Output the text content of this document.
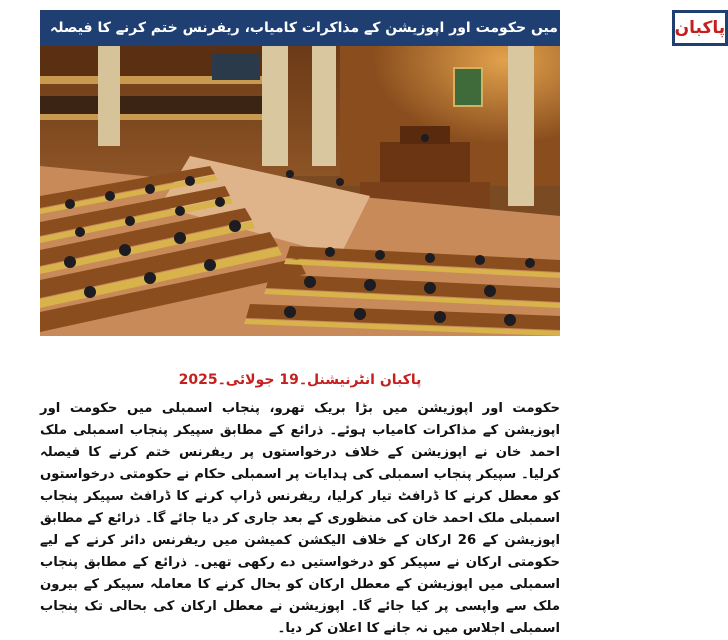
پنجاب اسمبلی میں حکومت اور اپوزیشن کے مذاکرات کامیاب، ریفرنس ختم کرنے کا فیصلہ پاکبان
پاکبان انٹرنیشنل۔19 جولائی۔2025

حکومت اور اپوزیشن میں بڑا بریک تھرو، پنجاب اسمبلی میں حکومت اور اپوزیشن کے مذاکرات کامیاب ہوئے۔ ذرائع کے مطابق سپیکر پنجاب اسمبلی ملک احمد خان نے اپوزیشن کے خلاف درخواستوں پر ریفرنس ختم کرنے کا فیصلہ کرلیا۔ سپیکر پنجاب اسمبلی کی ہدایات پر اسمبلی حکام نے حکومتی درخواستوں کو معطل کرنے کا ڈرافٹ تیار کرلیا، ریفرنس ڈراپ کرنے کا ڈرافٹ سپیکر پنجاب اسمبلی ملک احمد خان کی منظوری کے بعد جاری کر دیا جائے گا۔ ذرائع کے مطابق اپوزیشن کے 26 ارکان کے خلاف الیکشن کمیشن میں ریفرنس دائر کرنے کے لیے حکومتی ارکان نے سپیکر کو درخواستیں دے رکھی تھیں۔ ذرائع کے مطابق پنجاب اسمبلی میں اپوزیشن کے معطل ارکان کو بحال کرنے کا معاملہ سپیکر کے بیرون ملک سے واپسی پر کیا جائے گا۔ اپوزیشن نے معطل ارکان کی بحالی تک پنجاب اسمبلی اجلاس میں نہ جانے کا اعلان کر دیا۔
